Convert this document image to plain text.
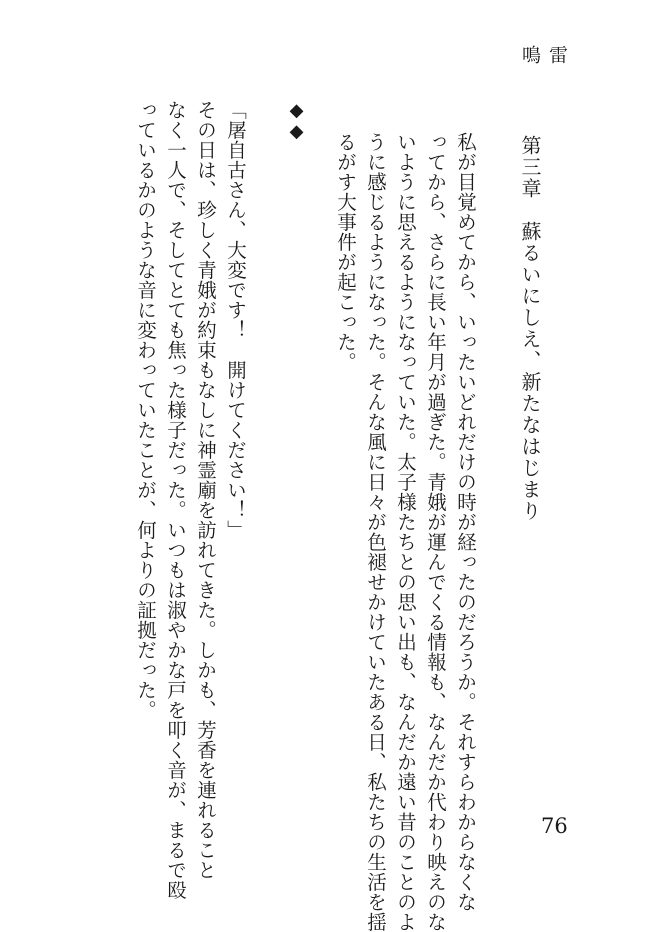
雷鳴
第三章　蘇るいにしえ、新たなはじまり
私が目覚めてから、いったいどれだけの時が経ったのだろうか。それすらわからなくな
ってから、さらに長い年月が過ぎた。青娥が運んでくる情報も、なんだか代わり映えのな
いように思えるようになっていた。太子様たちとの思い出も、なんだか遠い昔のことのよ
うに感じるようになった。そんな風に日々が色褪せかけていたある日、私たちの生活を揺
るがす大事件が起こった。
◆◆
「屠自古さん、大変です！　開けてください！」
その日は、珍しく青娥が約束もなしに神霊廟を訪れてきた。しかも、芳香を連れること
なく一人で、そしてとても焦った様子だった。いつもは淑やかな戸を叩く音が、まるで殴
っているかのような音に変わっていたことが、何よりの証拠だった。
76
